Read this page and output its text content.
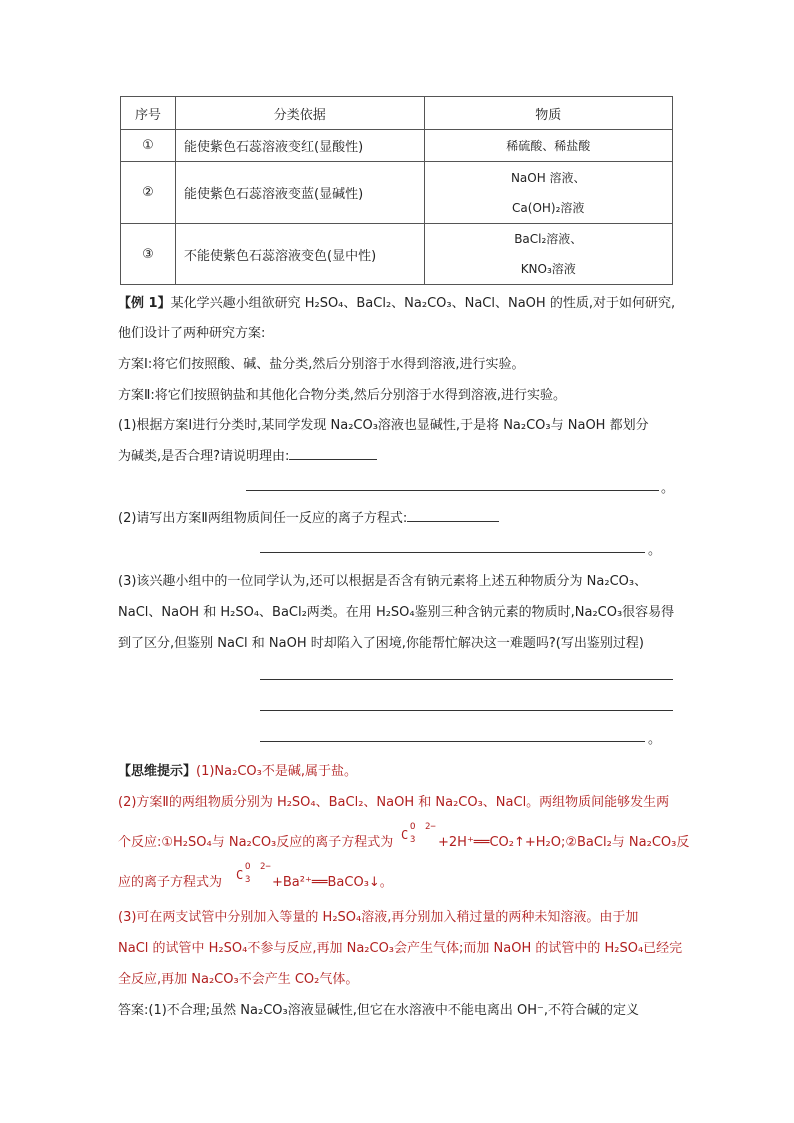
序号	分类依据	物质
①	能使紫色石蕊溶液变红(显酸性)	稀硫酸、稀盐酸

②	能使紫色石蕊溶液变蓝(显碱性)	NaOH 溶液、
Ca(OH)₂溶液

③	不能使紫色石蕊溶液变色(显中性)	BaCl₂溶液、
KNO₃溶液
【例 1】某化学兴趣小组欲研究 H₂SO₄、BaCl₂、Na₂CO₃、NaCl、NaOH 的性质,对于如何研究,
他们设计了两种研究方案:
方案Ⅰ:将它们按照酸、碱、盐分类,然后分别溶于水得到溶液,进行实验。
方案Ⅱ:将它们按照钠盐和其他化合物分类,然后分别溶于水得到溶液,进行实验。
(1)根据方案Ⅰ进行分类时,某同学发现 Na₂CO₃溶液也显碱性,于是将 Na₂CO₃与 NaOH 都划分
为碱类,是否合理?请说明理由:
。
(2)请写出方案Ⅱ两组物质间任一反应的离子方程式:
。
(3)该兴趣小组中的一位同学认为,还可以根据是否含有钠元素将上述五种物质分为 Na₂CO₃、
NaCl、NaOH 和 H₂SO₄、BaCl₂两类。在用 H₂SO₄鉴别三种含钠元素的物质时,Na₂CO₃很容易得
到了区分,但鉴别 NaCl 和 NaOH 时却陷入了困境,你能帮忙解决这一难题吗?(写出鉴别过程)
。
【思维提示】(1)Na₂CO₃不是碱,属于盐。
(2)方案Ⅱ的两组物质分别为 H₂SO₄、BaCl₂、NaOH 和 Na₂CO₃、NaCl。两组物质间能够发生两
个反应:①H₂SO₄与 Na₂CO₃反应的离子方程式为 C
O
3
2−
+2H⁺══CO₂↑+H₂O;②BaCl₂与 Na₂CO₃反
应的离子方程式为 C
O
3
2−
+Ba²⁺══BaCO₃↓。
(3)可在两支试管中分别加入等量的 H₂SO₄溶液,再分别加入稍过量的两种未知溶液。由于加
NaCl 的试管中 H₂SO₄不参与反应,再加 Na₂CO₃会产生气体;而加 NaOH 的试管中的 H₂SO₄已经完
全反应,再加 Na₂CO₃不会产生 CO₂气体。
答案:(1)不合理;虽然 Na₂CO₃溶液显碱性,但它在水溶液中不能电离出 OH⁻,不符合碱的定义
